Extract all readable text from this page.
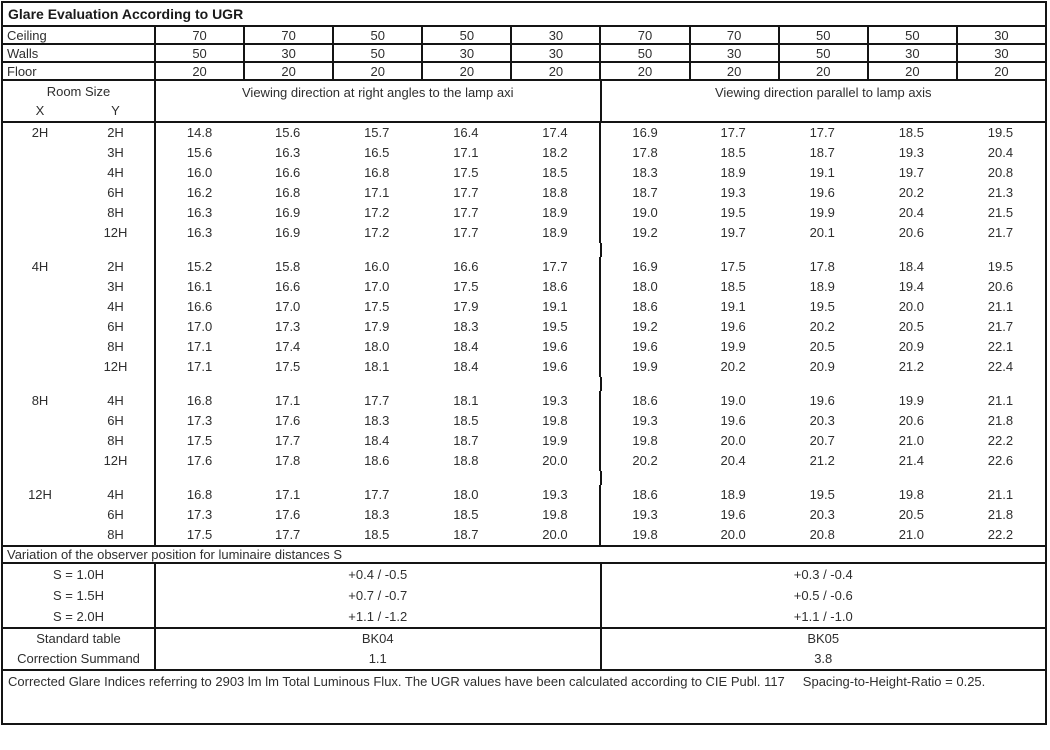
Glare Evaluation According to UGR
Ceiling	70	70	50	50	30	70	70	50	50	30
Walls	50	30	50	30	30	50	30	50	30	30
Floor	20	20	20	20	20	20	20	20	20	20
Room Size
X	Y
Viewing direction at right angles to the lamp axi	Viewing direction parallel to lamp axis
2H	2H	14.8	15.6	15.7	16.4	17.4	16.9	17.7	17.7	18.5	19.5
3H	15.6	16.3	16.5	17.1	18.2	17.8	18.5	18.7	19.3	20.4
4H	16.0	16.6	16.8	17.5	18.5	18.3	18.9	19.1	19.7	20.8
6H	16.2	16.8	17.1	17.7	18.8	18.7	19.3	19.6	20.2	21.3
8H	16.3	16.9	17.2	17.7	18.9	19.0	19.5	19.9	20.4	21.5
12H	16.3	16.9	17.2	17.7	18.9	19.2	19.7	20.1	20.6	21.7
4H	2H	15.2	15.8	16.0	16.6	17.7	16.9	17.5	17.8	18.4	19.5
3H	16.1	16.6	17.0	17.5	18.6	18.0	18.5	18.9	19.4	20.6
4H	16.6	17.0	17.5	17.9	19.1	18.6	19.1	19.5	20.0	21.1
6H	17.0	17.3	17.9	18.3	19.5	19.2	19.6	20.2	20.5	21.7
8H	17.1	17.4	18.0	18.4	19.6	19.6	19.9	20.5	20.9	22.1
12H	17.1	17.5	18.1	18.4	19.6	19.9	20.2	20.9	21.2	22.4
8H	4H	16.8	17.1	17.7	18.1	19.3	18.6	19.0	19.6	19.9	21.1
6H	17.3	17.6	18.3	18.5	19.8	19.3	19.6	20.3	20.6	21.8
8H	17.5	17.7	18.4	18.7	19.9	19.8	20.0	20.7	21.0	22.2
12H	17.6	17.8	18.6	18.8	20.0	20.2	20.4	21.2	21.4	22.6
12H	4H	16.8	17.1	17.7	18.0	19.3	18.6	18.9	19.5	19.8	21.1
6H	17.3	17.6	18.3	18.5	19.8	19.3	19.6	20.3	20.5	21.8
8H	17.5	17.7	18.5	18.7	20.0	19.8	20.0	20.8	21.0	22.2
Variation of the observer position for luminaire distances S
S = 1.0H	+0.4 / -0.5	+0.3 / -0.4
S = 1.5H	+0.7 / -0.7	+0.5 / -0.6
S = 2.0H	+1.1 / -1.2	+1.1 / -1.0
Standard table	BK04	BK05
Correction Summand	1.1	3.8
Corrected Glare Indices referring to 2903 lm lm Total Luminous Flux. The UGR values have been calculated according to CIE Publ. 117 Spacing-to-Height-Ratio = 0.25.
